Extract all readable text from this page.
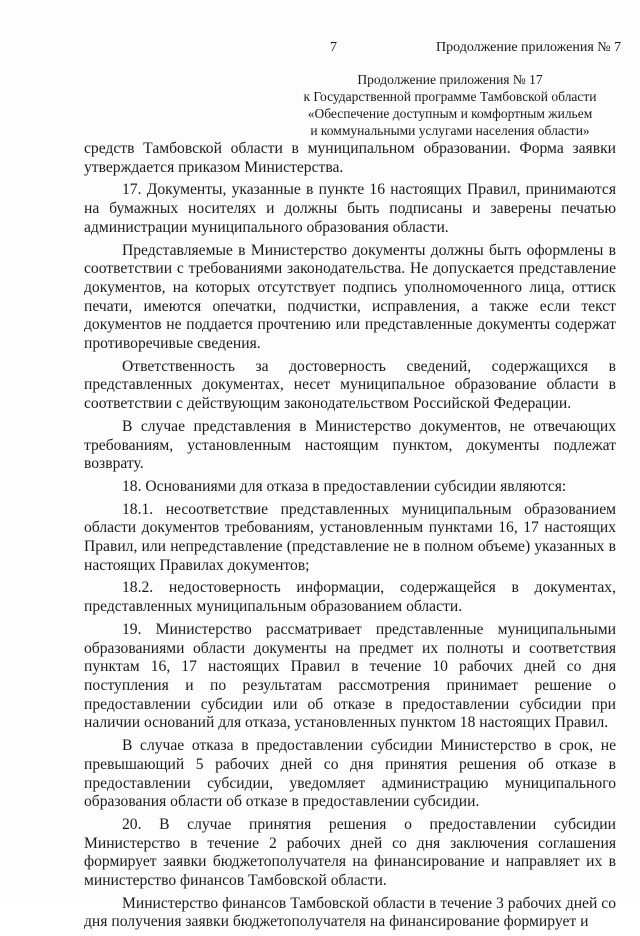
7	Продолжение приложения № 7
Продолжение приложения № 17
к Государственной программе Тамбовской области
«Обеспечение доступным и комфортным жильем
и коммунальными услугами населения области»

средств Тамбовской области в муниципальном образовании. Форма заявки утверждается приказом Министерства.

17. Документы, указанные в пункте 16 настоящих Правил, принимаются на бумажных носителях и должны быть подписаны и заверены печатью администрации муниципального образования области.

Представляемые в Министерство документы должны быть оформлены в соответствии с требованиями законодательства. Не допускается представление документов, на которых отсутствует подпись уполномоченного лица, оттиск печати, имеются опечатки, подчистки, исправления, а также если текст документов не поддается прочтению или представленные документы содержат противоречивые сведения.

Ответственность за достоверность сведений, содержащихся в представленных документах, несет муниципальное образование области в соответствии с действующим законодательством Российской Федерации.

В случае представления в Министерство документов, не отвечающих требованиям, установленным настоящим пунктом, документы подлежат возврату.

18. Основаниями для отказа в предоставлении субсидии являются:

18.1. несоответствие представленных муниципальным образованием области документов требованиям, установленным пунктами 16, 17 настоящих Правил, или непредставление (представление не в полном объеме) указанных в настоящих Правилах документов;

18.2. недостоверность информации, содержащейся в документах, представленных муниципальным образованием области.

19. Министерство рассматривает представленные муниципальными образованиями области документы на предмет их полноты и соответствия пунктам 16, 17 настоящих Правил в течение 10 рабочих дней со дня поступления и по результатам рассмотрения принимает решение о предоставлении субсидии или об отказе в предоставлении субсидии при наличии оснований для отказа, установленных пунктом 18 настоящих Правил.

В случае отказа в предоставлении субсидии Министерство в срок, не превышающий 5 рабочих дней со дня принятия решения об отказе в предоставлении субсидии, уведомляет администрацию муниципального образования области об отказе в предоставлении субсидии.

20. В случае принятия решения о предоставлении субсидии Министерство в течение 2 рабочих дней со дня заключения соглашения формирует заявки бюджетополучателя на финансирование и направляет их в министерство финансов Тамбовской области.

Министерство финансов Тамбовской области в течение 3 рабочих дней со дня получения заявки бюджетополучателя на финансирование формирует и
